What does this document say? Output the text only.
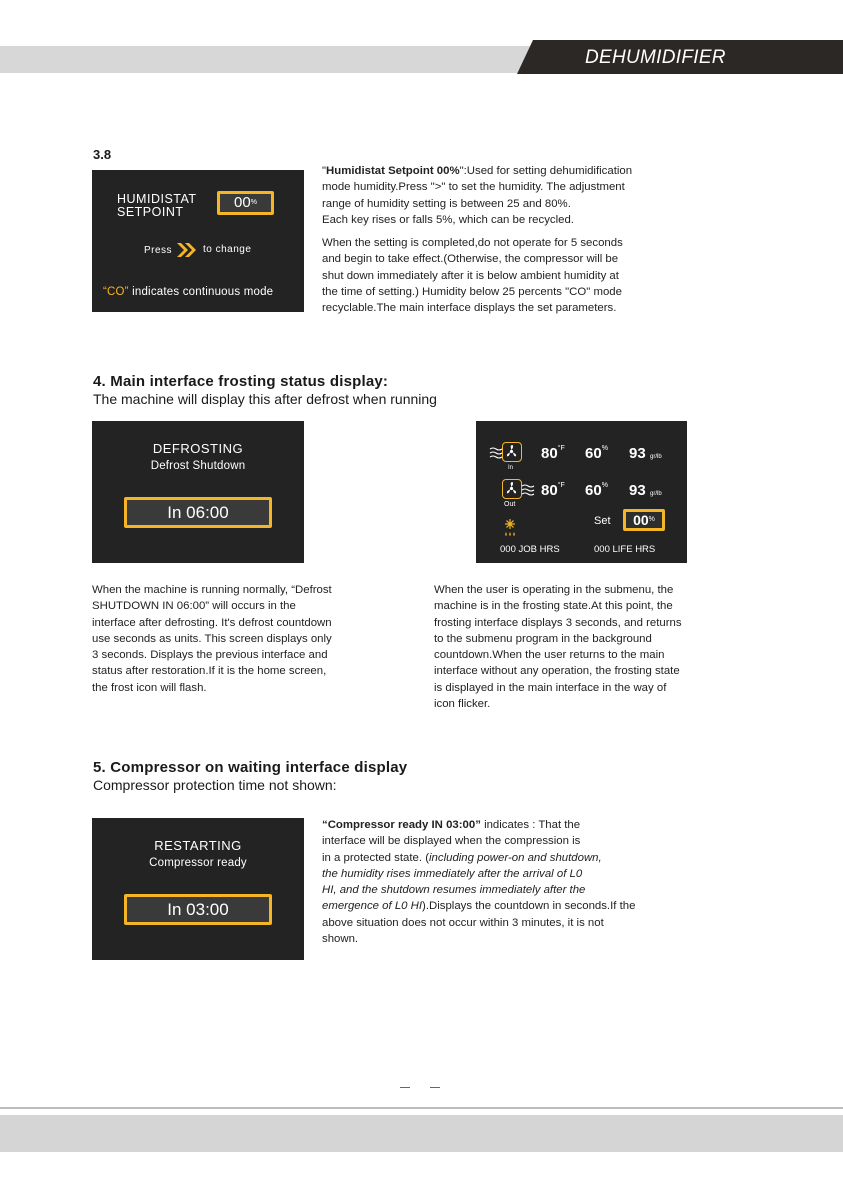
DEHUMIDIFIER
3.8
HUMIDISTAT
SETPOINT
00%
Press	to change
“CO” indicates continuous mode

"Humidistat Setpoint 00%":Used for setting dehumidification
mode humidity.Press ">" to set the humidity. The adjustment
range of humidity setting is between 25 and 80%.
Each key rises or falls 5%, which can be recycled.

When the setting is completed,do not operate for 5 seconds
and begin to take effect.(Otherwise, the compressor will be
shut down immediately after it is below ambient humidity at
the time of setting.) Humidity below 25 percents "CO" mode
recyclable.The main interface displays the set parameters.

4. Main interface frosting status display:
The machine will display this after defrost when running
DEFROSTING
Defrost Shutdown
In 06:00
In
$80^{^\circ F}$ 60% 93 gr/lb
Out
$80^{^\circ F}$ 60% 93 gr/lb
Set	00%
000 JOB HRS	000 LIFE HRS
When the machine is running normally, “Defrost
SHUTDOWN IN 06:00” will occurs in the
interface after defrosting. It's defrost countdown
use seconds as units. This screen displays only
3 seconds. Displays the previous interface and
status after restoration.If it is the home screen,
the frost icon will flash.
When the user is operating in the submenu, the
machine is in the frosting state.At this point, the
frosting interface displays 3 seconds, and returns
to the submenu program in the background
countdown.When the user returns to the main
interface without any operation, the frosting state
is displayed in the main interface in the way of
icon flicker.
5. Compressor on waiting interface display
Compressor protection time not shown:
RESTARTING
Compressor ready
In 03:00
“Compressor ready IN 03:00” indicates : That the
interface will be displayed when the compression is
in a protected state. (including power-on and shutdown,
the humidity rises immediately after the arrival of L0
HI, and the shutdown resumes immediately after the
emergence of L0 HI).Displays the countdown in seconds.If the
above situation does not occur within 3 minutes, it is not
shown.
